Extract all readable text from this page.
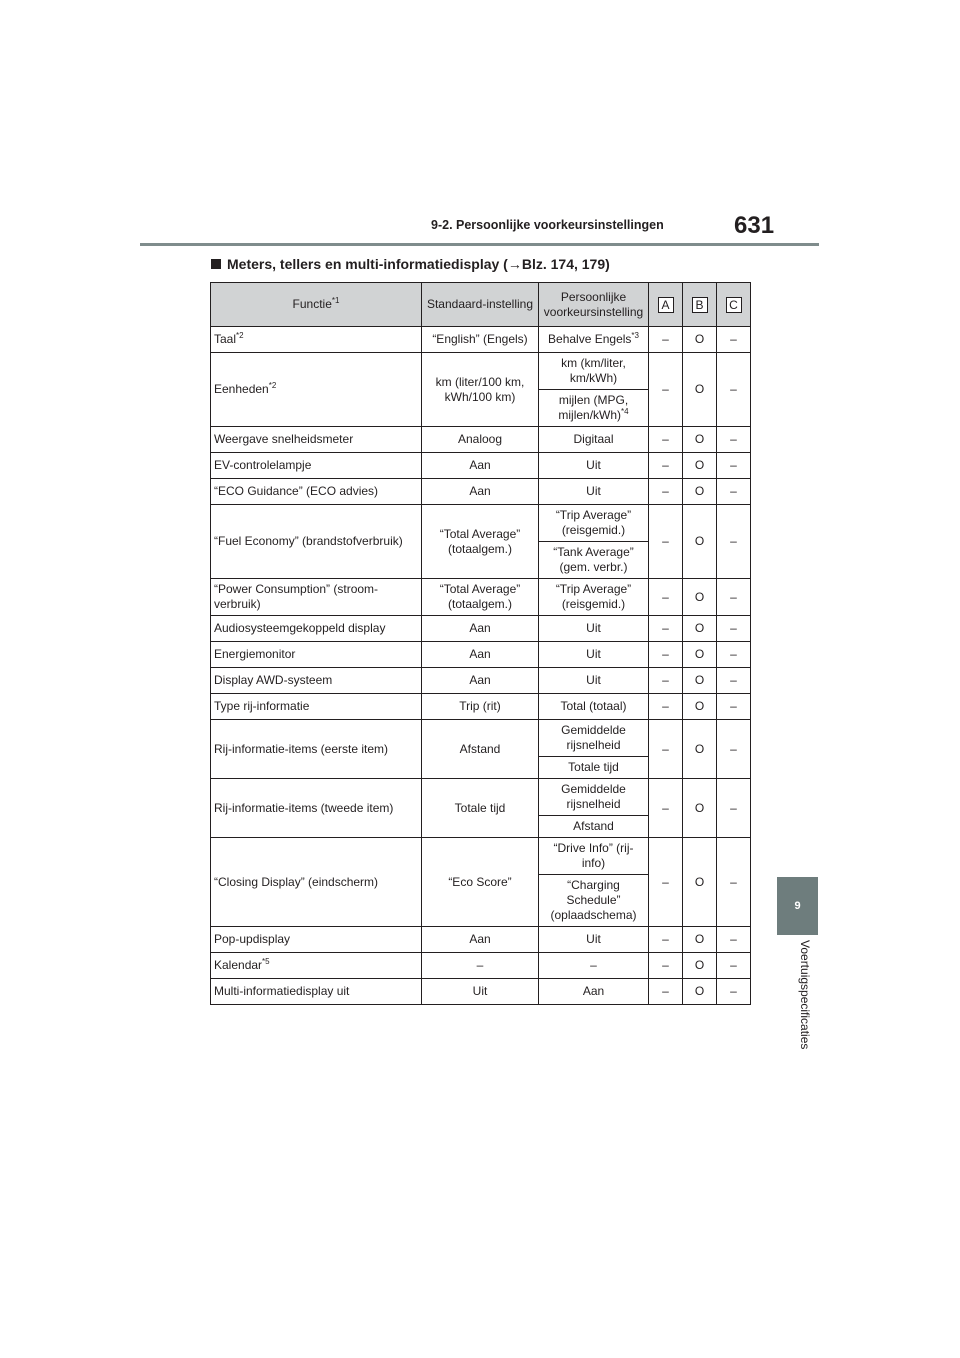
9-2. Persoonlijke voorkeursinstellingen	631
9
Voertuigspecificaties
Meters, tellers en multi-informatiedisplay (→Blz. 174, 179)
Functie$^{*1}$	Standaard-instelling	Persoonlijke voorkeursinstelling	A	B	C
Taal$^{*2}$	“English” (Engels)	Behalve Engels$^{*3}$	–	O	–
Eenheden$^{*2}$	km (liter/100 km, kWh/100 km)	km (km/liter, km/kWh)	–	O	–
		mijlen (MPG, mijlen/kWh)$^{*4}$
Weergave snelheidsmeter	Analoog	Digitaal	–	O	–
EV-controlelampje	Aan	Uit	–	O	–
“ECO Guidance” (ECO advies)	Aan	Uit	–	O	–
“Fuel Economy” (brandstofverbruik)	“Total Average” (totaalgem.)	“Trip Average” (reisgemid.)	–	O	–
		“Tank Average” (gem. verbr.)			
“Power Consumption” (stroom-verbruik)	“Total Average” (totaalgem.)	“Trip Average” (reisgemid.)	–	O	–
Audiosysteemgekoppeld display	Aan	Uit	–	O	–
Energiemonitor	Aan	Uit	–	O	–
Display AWD-systeem	Aan	Uit	–	O	–
Type rij-informatie	Trip (rit)	Total (totaal)	–	O	–
Rij-informatie-items (eerste item)	Afstand	Gemiddelde rijsnelheid	–	O	–
		Totale tijd			
Rij-informatie-items (tweede item)	Totale tijd	Gemiddelde rijsnelheid	–	O	–
		Afstand			
“Closing Display” (eindscherm)	“Eco Score”	“Drive Info” (rij-info)	–	O	–
		“Charging Schedule” (oplaadschema)			
Pop-updisplay	Aan	Uit	–	O	–
Kalendar$^{*5}$	–	–	–	O	–
Multi-informatiedisplay uit	Uit	Aan	–	O	–
